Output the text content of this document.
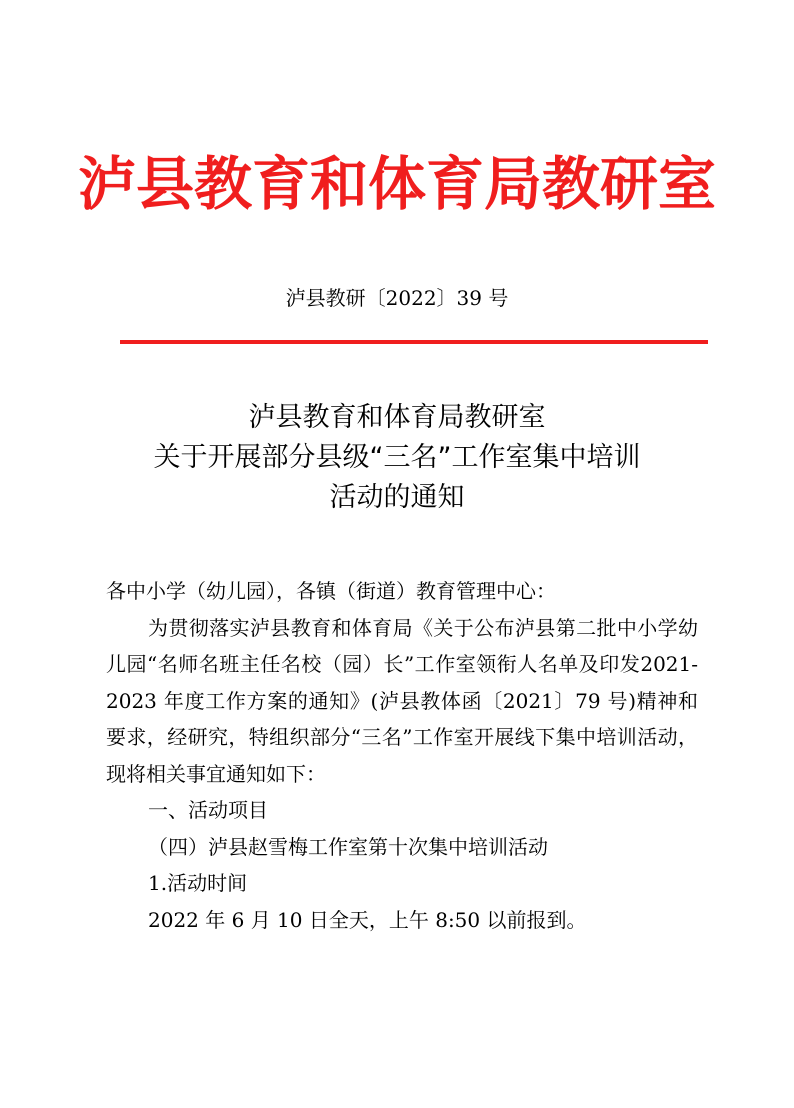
泸县教育和体育局教研室
泸县教研〔2022〕39 号
泸县教育和体育局教研室
关于开展部分县级“三名”工作室集中培训
活动的通知

各中小学（幼儿园），各镇（街道）教育管理中心：

为贯彻落实泸县教育和体育局《关于公布泸县第二批中小学幼儿园“名师名班主任名校（园）长”工作室领衔人名单及印发2021-2023 年度工作方案的通知》(泸县教体函〔2021〕79 号)精神和要求，经研究，特组织部分“三名”工作室开展线下集中培训活动，现将相关事宜通知如下：

一、活动项目

（四）泸县赵雪梅工作室第十次集中培训活动

1.活动时间

2022 年 6 月 10 日全天，上午 8:50 以前报到。
